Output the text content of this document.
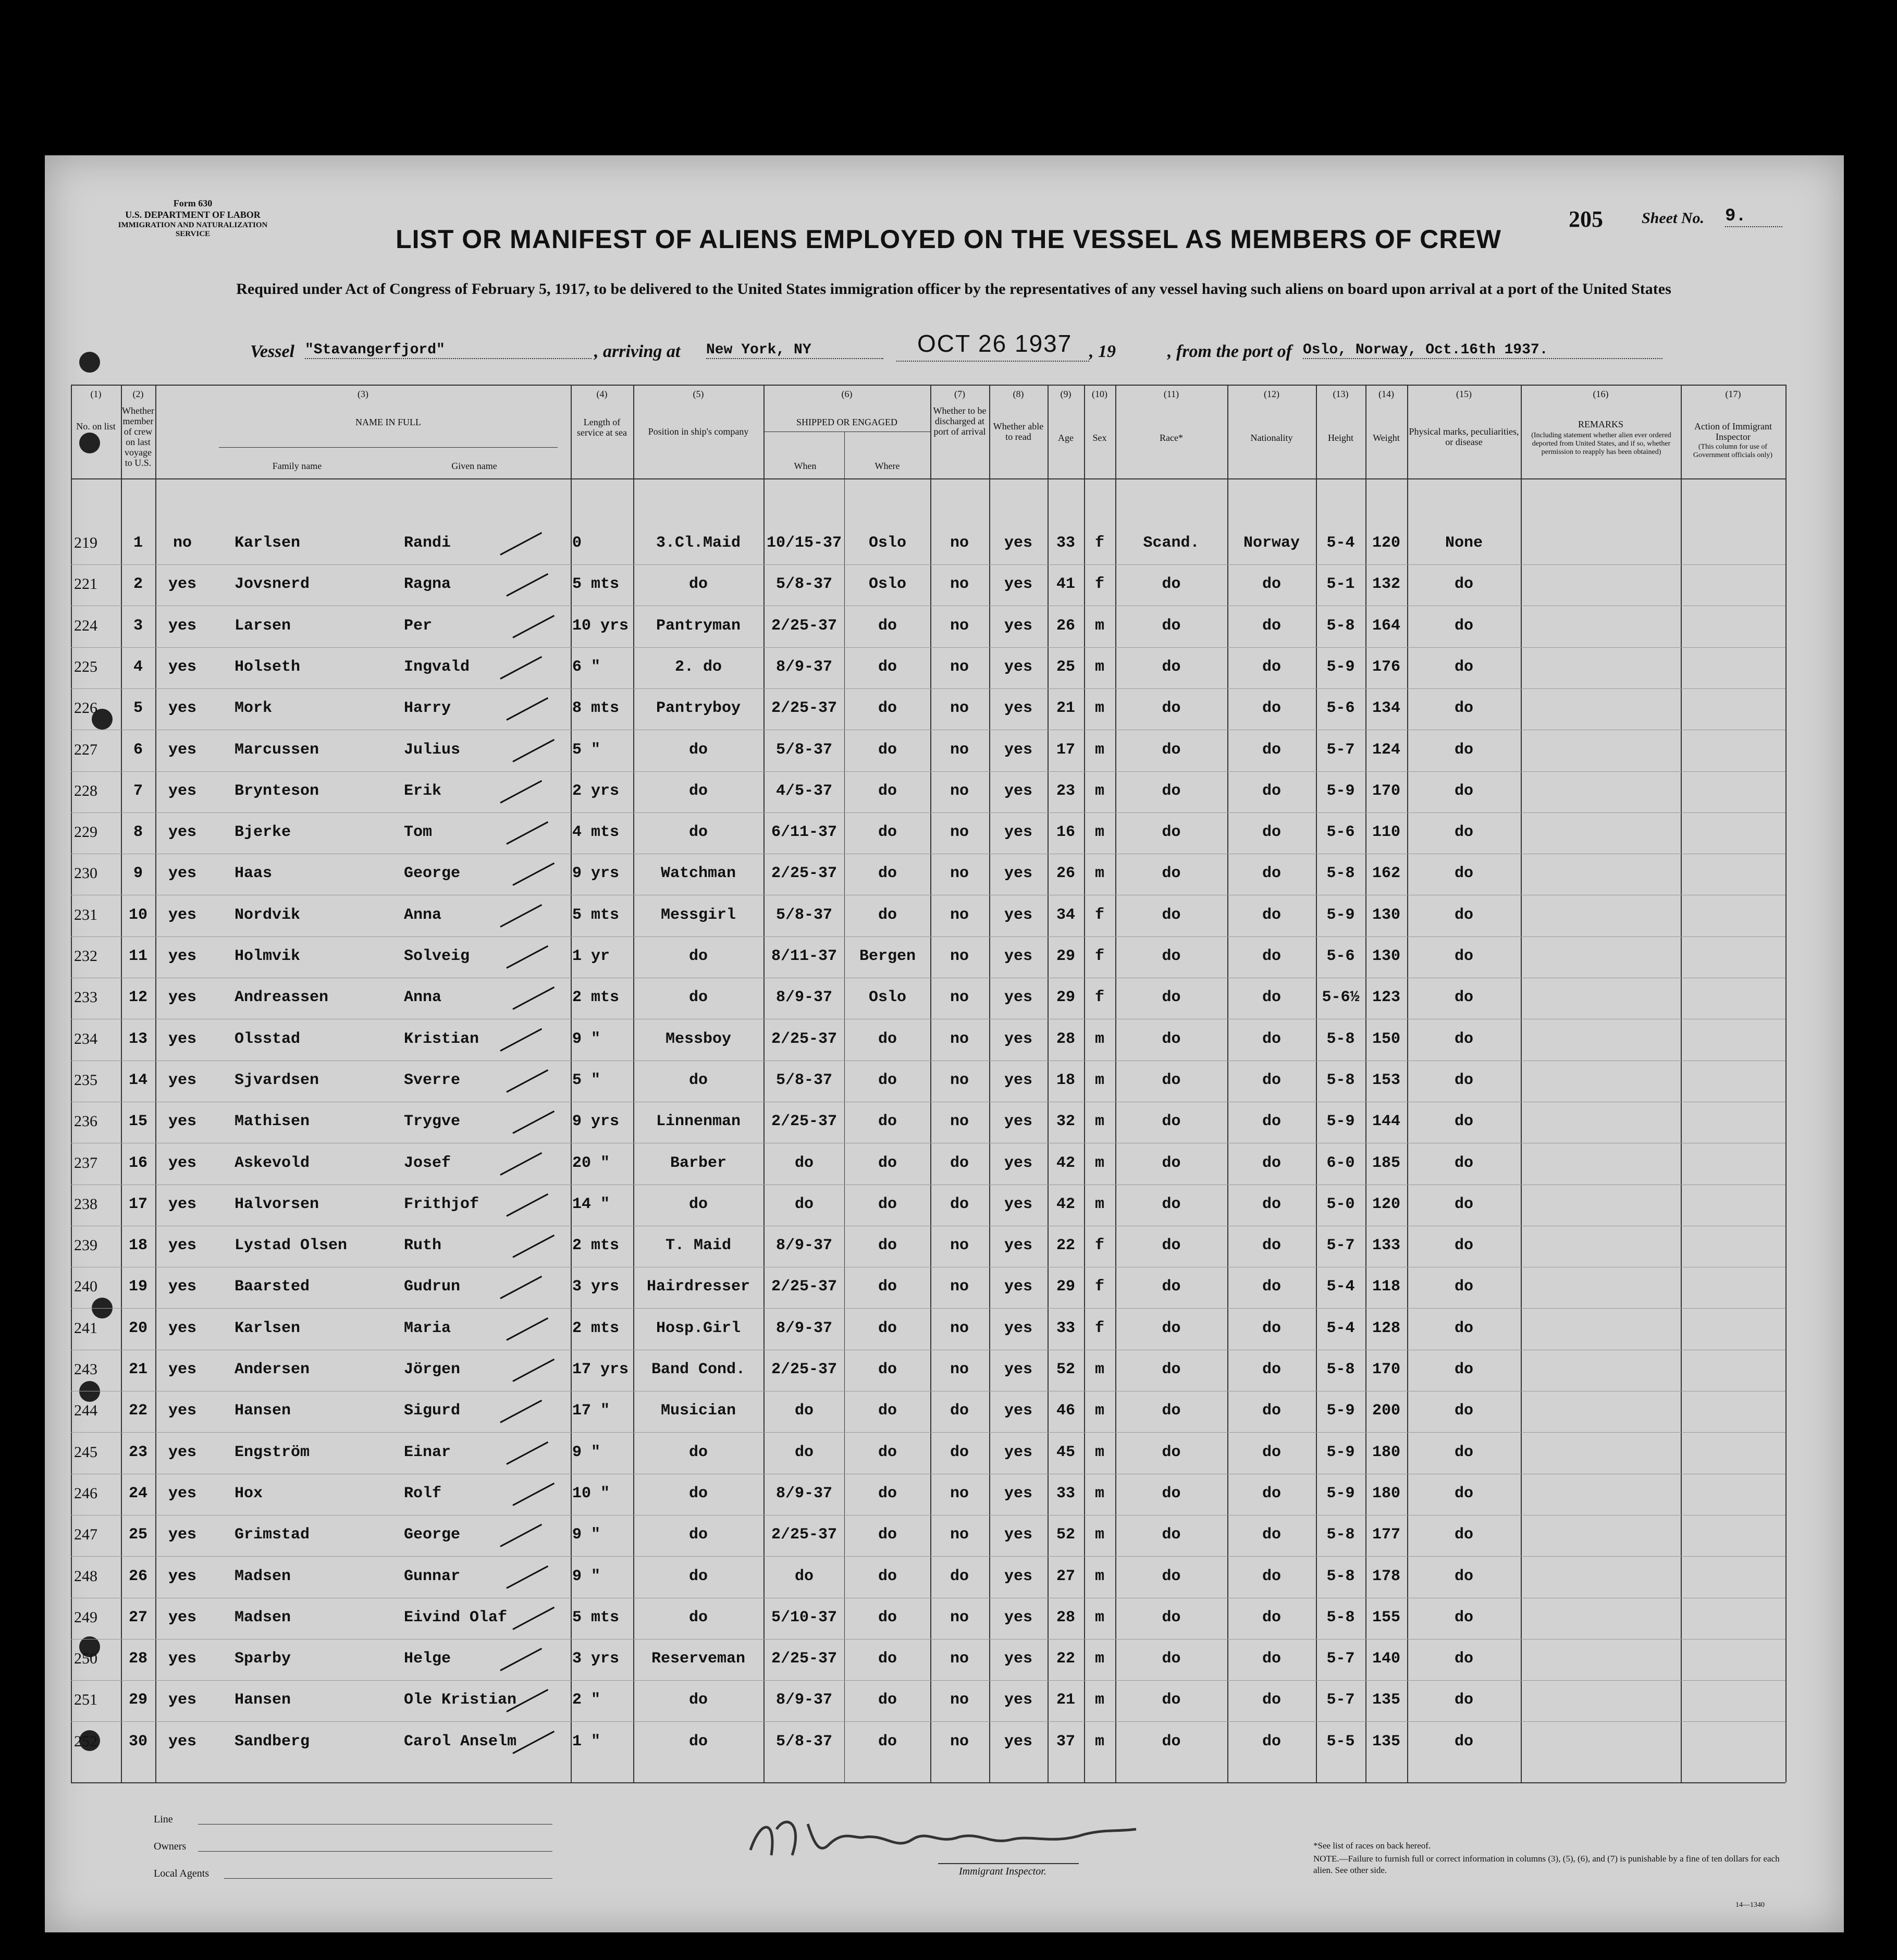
Form 630
U.S. DEPARTMENT OF LABOR
IMMIGRATION AND NATURALIZATION SERVICE	LIST OR MANIFEST OF ALIENS EMPLOYED ON THE VESSEL AS MEMBERS OF CREW
205 Sheet No. 9.
Required under Act of Congress of February 5, 1917, to be delivered to the United States immigration officer by the representatives of any vessel having such aliens on board upon arrival at a port of the United States
Vessel "Stavangerfjord"	, arriving at New York, NY	OCT 26 1937 , 19	, from the port of Oslo, Norway, Oct.16th 1937.
(1)	(2)	(3)	(4)	(5)	(6)	(7)	(8)	(9)	(10)	(11)	(12)	(13)	(14)	(15)	(16)	(17)
No. on list
Whether member of crew on last voyage to U.S.
NAME IN FULL
Family name	Given name
Length of service at sea	Position in ship's company
SHIPPED OR ENGAGED
When	Where
Whether to be discharged at port of arrival Whether able to read	Age	Sex	Race*	Nationality	Height	Weight
Physical marks, peculiarities, or disease
REMARKS
(Including statement whether alien ever ordered deported from United States, and if so, whether permission to reapply has been obtained)
Action of Immigrant Inspector
(This column for use of Government officials only)
219	1	no	Karlsen	Randi	0	3.Cl.Maid	10/15-37	Oslo	no	yes	33	f	Scand.	Norway	5-4	120	None
221	2	yes	Jovsnerd	Ragna	5 mts	do	5/8-37	Oslo	no	yes	41	f	do	do	5-1	132	do
224	3	yes	Larsen	Per	10 yrs	Pantryman	2/25-37	do	no	yes	26	m	do	do	5-8	164	do
225	4	yes	Holseth	Ingvald	6 "	2. do	8/9-37	do	no	yes	25	m	do	do	5-9	176	do
226	5	yes	Mork	Harry	8 mts	Pantryboy	2/25-37	do	no	yes	21	m	do	do	5-6	134	do
227	6	yes	Marcussen	Julius	5 "	do	5/8-37	do	no	yes	17	m	do	do	5-7	124	do
228	7	yes	Brynteson	Erik	2 yrs	do	4/5-37	do	no	yes	23	m	do	do	5-9	170	do
229	8	yes	Bjerke	Tom	4 mts	do	6/11-37	do	no	yes	16	m	do	do	5-6	110	do
230	9	yes	Haas	George	9 yrs	Watchman	2/25-37	do	no	yes	26	m	do	do	5-8	162	do
231	10	yes	Nordvik	Anna	5 mts	Messgirl	5/8-37	do	no	yes	34	f	do	do	5-9	130	do
232	11	yes	Holmvik	Solveig	1 yr	do	8/11-37	Bergen	no	yes	29	f	do	do	5-6	130	do
233	12	yes	Andreassen	Anna	2 mts	do	8/9-37	Oslo	no	yes	29	f	do	do	5-6½ 123	do
234	13	yes	Olsstad	Kristian	9 "	Messboy	2/25-37	do	no	yes	28	m	do	do	5-8	150	do
235	14	yes	Sjvardsen	Sverre	5 "	do	5/8-37	do	no	yes	18	m	do	do	5-8	153	do
236	15	yes	Mathisen	Trygve	9 yrs	Linnenman	2/25-37	do	no	yes	32	m	do	do	5-9	144	do
237	16	yes	Askevold	Josef	20 "	Barber	do	do	do	yes	42	m	do	do	6-0	185	do
238	17	yes	Halvorsen	Frithjof	14 "	do	do	do	do	yes	42	m	do	do	5-0	120	do
239	18	yes	Lystad Olsen	Ruth	2 mts	T. Maid	8/9-37	do	no	yes	22	f	do	do	5-7	133	do
240	19	yes	Baarsted	Gudrun	3 yrs	Hairdresser	2/25-37	do	no	yes	29	f	do	do	5-4	118	do
241	20	yes	Karlsen	Maria	2 mts	Hosp.Girl	8/9-37	do	no	yes	33	f	do	do	5-4	128	do
243	21	yes	Andersen	Jörgen	17 yrs	Band Cond.	2/25-37	do	no	yes	52	m	do	do	5-8	170	do
244	22	yes	Hansen	Sigurd	17 "	Musician	do	do	do	yes	46	m	do	do	5-9	200	do
245	23	yes	Engström	Einar	9 "	do	do	do	do	yes	45	m	do	do	5-9	180	do
246	24	yes	Hox	Rolf	10 "	do	8/9-37	do	no	yes	33	m	do	do	5-9	180	do
247	25	yes	Grimstad	George	9 "	do	2/25-37	do	no	yes	52	m	do	do	5-8	177	do
248	26	yes	Madsen	Gunnar	9 "	do	do	do	do	yes	27	m	do	do	5-8	178	do
249	27	yes	Madsen	Eivind Olaf	5 mts	do	5/10-37	do	no	yes	28	m	do	do	5-8	155	do
250	28	yes	Sparby	Helge	3 yrs	Reserveman	2/25-37	do	no	yes	22	m	do	do	5-7	140	do
251	29	yes	Hansen	Ole Kristian	2 "	do	8/9-37	do	no	yes	21	m	do	do	5-7	135	do
252	30	yes	Sandberg	Carol Anselm	1 "	do	5/8-37	do	no	yes	37	m	do	do	5-5	135	do
Line
Owners
Local Agents	Immigrant Inspector.
*See list of races on back hereof.
NOTE.—Failure to furnish full or correct information in columns (3), (5), (6), and (7) is punishable by a fine of ten dollars for each alien. See other side.
14—1340
